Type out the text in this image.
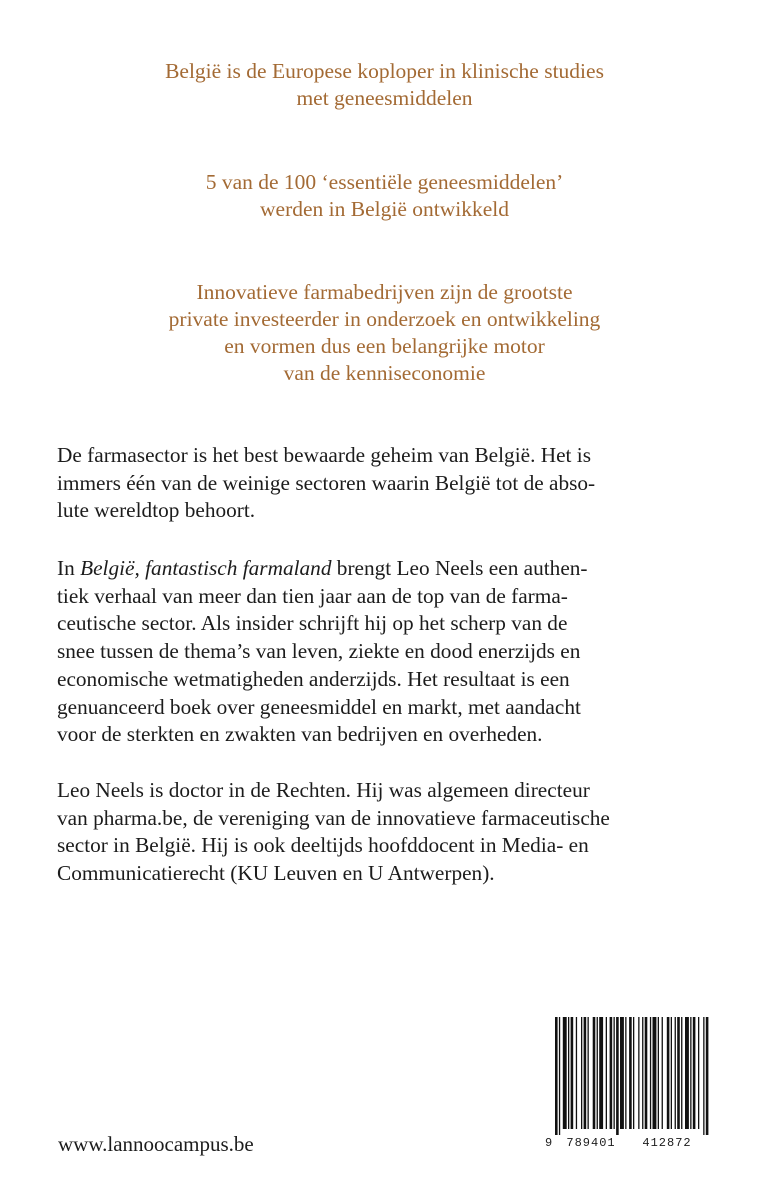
België is de Europese koploper in klinische studies
met geneesmiddelen
5 van de 100 ‘essentiële geneesmiddelen’
werden in België ontwikkeld
Innovatieve farmabedrijven zijn de grootste
private investeerder in onderzoek en ontwikkeling
en vormen dus een belangrijke motor
van de kenniseconomie
De farmasector is het best bewaarde geheim van België. Het is
immers één van de weinige sectoren waarin België tot de abso-
lute wereldtop behoort.
In België, fantastisch farmaland brengt Leo Neels een authen-
tiek verhaal van meer dan tien jaar aan de top van de farma-
ceutische sector. Als insider schrijft hij op het scherp van de
snee tussen de thema’s van leven, ziekte en dood enerzijds en
economische wetmatigheden anderzijds. Het resultaat is een
genuanceerd boek over geneesmiddel en markt, met aandacht
voor de sterkten en zwakten van bedrijven en overheden.
Leo Neels is doctor in de Rechten. Hij was algemeen directeur
van pharma.be, de vereniging van de innovatieve farmaceutische
sector in België. Hij is ook deeltijds hoofddocent in Media- en
Communicatierecht (KU Leuven en U Antwerpen).
9 789401 412872

www.lannoocampus.be
